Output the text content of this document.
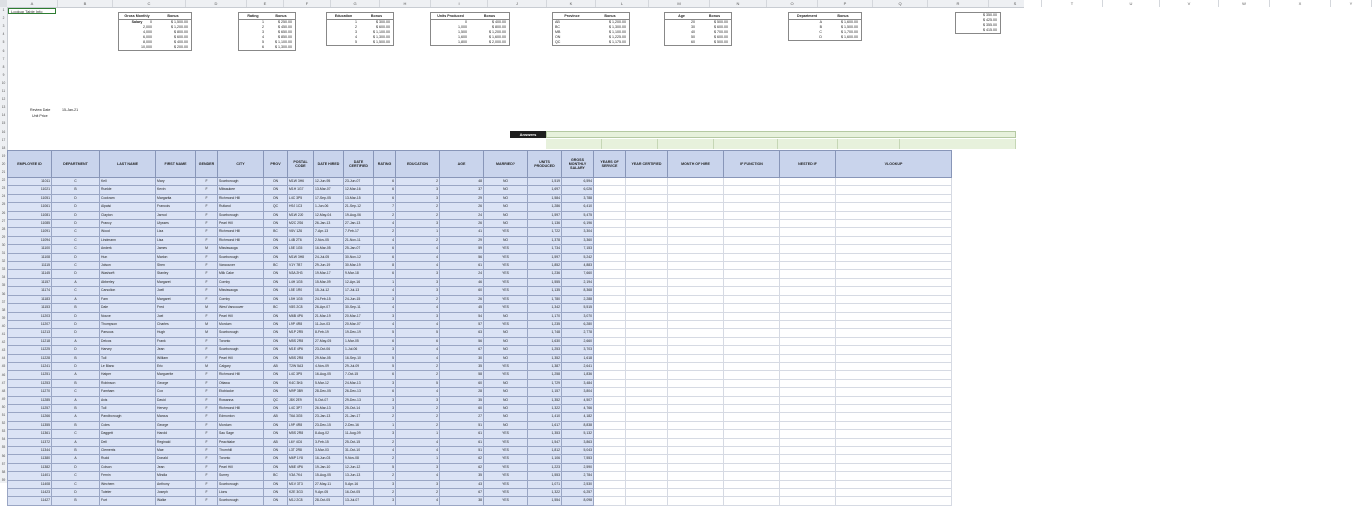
A	B	C	D	E	F	G	H	I	J	K	L	M	N	O	P	Q	R	S	T	U	V	W	X	Y
1
2
3
4
5
6
7
8
9
10
11
12
13
14
15
16
17
18
19
20
21
22
23
24
25
26
27
28
29
30
31
32
33
34
35
36
37
38
39
40
41
42
43
44
45
46
47
48
49
50
51
52
53
54
55
56
57
58
59
Lookup Table Info
Gross Monthly Salary
Bonus
0	$ 1,500.00
2,000	$ 1,200.00
4,000	$ 800.00
6,000	$ 600.00
8,000	$ 400.00
10,000	$ 200.00
Rating	Bonus
1	$ 250.00
2	$ 450.00
3	$ 650.00
4	$ 850.00
5	$ 1,100.00
6	$ 1,300.00
Education	Bonus
1	$ 300.00
2	$ 600.00
3	$ 1,100.00
4	$ 1,300.00
5	$ 1,500.00
Units Produced	Bonus
0	$ 400.00
1,000	$ 800.00
1,500	$ 1,200.00
1,600	$ 1,600.00
1,800	$ 2,000.00
Province	Bonus
AB	$ 1,200.00
BC	$ 1,300.00
MB	$ 1,100.00
ON	$ 1,225.00
QC	$ 1,175.00
Age	Bonus
20	$ 500.00
30	$ 600.00
40	$ 700.00
50	$ 600.00
60	$ 500.00
Department	Bonus
A	$ 1,600.00
B	$ 1,500.00
C	$ 1,700.00
D	$ 1,600.00
$ 350.00
$ 425.00
$ 355.00
$ 415.00
Review Date	15-Jan-21
Unit Price
Answers
EMPLOYEE ID	DEPARTMENT	LAST NAME	FIRST NAME	GENDER	CITY	PROV	POSTAL CODE	DATE HIRED	DATE CERTIFIED	RATING	EDUCATION	AGE	MARRIED?	UNITS PRODUCED	GROSS MONTHLY SALARY	YEARS OF SERVICE	YEAR CERTIFIED	MONTH OF HIRE	IF FUNCTION	NESTED IF	VLOOKUP
11011	C	Kell	Mary	F	Scarborough	ON	M1W 3H6	12-Jun-95	23-Jun-07	6	2	48	NO	1,519	6,594						
11021	B	Runkle	Kevin	F	Milwaukee	ON	M1H 1G7	13-Mar-07	12-Mar-16	6	3	37	NO	1,697	6,026						
11051	D	Cockram	Margarita	F	Richmond Hill	ON	L4C 3P5	17-Sep-05	13-Mar-15	6	3	29	NO	1,584	3,788						
11061	D	Alpaisi	Francois	F	Rutland	QC	H9J 1C3	1-Jun-06	21-Sep-12	7	2	26	NO	1,286	6,410						
11081	D	Clayton	Jarrod	F	Scarborough	ON	M1W 2J0	12-May-04	19-Aug-06	2	2	24	NO	1,597	5,475						
11085	D	Prancy	Ulysses	F	Pearl Hill	ON	M2C 2S6	26-Jan-13	27-Jan-13	4	3	26	NO	1,136	6,196						
11091	C	Wood	Liza	F	Richmond Hill	BC	V6V 1Z6	7-Apr-13	7-Feb-17	2	1	41	YES	1,722	3,304						
11094	C	Lindmann	Lisa	F	Richmond Hill	ON	L4B 2T6	2-Nov-05	21-Nov-11	4	2	29	NO	1,378	3,360						
11100	C	Anderk	James	M	Mississauga	ON	L5E 1G5	16-Mar-05	25-Jan-07	6	4	59	YES	1,734	7,153						
11108	D	Hun	Marlon	F	Scarborough	ON	M1W 3H8	24-Jul-05	30-Nov-12	6	4	56	YES	1,597	5,242						
11115	C	Jolson	Shen	F	Vancouver	BC	V1Y 7B7	29-Jun-19	30-Mar-19	8	4	61	YES	1,852	4,883						
11145	D	Washorft	Stanley	F	Milk Cake	ON	N3A 2H3	19-Mar-17	9-Mar-18	6	3	24	YES	1,236	7,660						
11157	A	Abberley	Margaret	F	Cornby	ON	L4H 1G5	15-Mar-09	12-Apr-16	1	3	46	YES	1,555	2,194						
11174	C	Carsolion	Joell	F	Mississauga	ON	L5E 1R0	15-Jul-12	17-Jul-13	4	3	60	YES	1,135	8,368						
11183	A	Fam	Margaret	F	Cornby	ON	L5H 1G5	24-Feb-15	24-Jun-15	3	2	26	YES	1,780	2,288						
11153	B	Dale	Fred	M	West Vancouver	BC	V8S 2C8	26-Apr-07	30-Sep-11	4	4	45	YES	1,342	5,515						
11203	D	Nouve	Joel	F	Pearl Hill	ON	M6B 4P6	21-Mar-19	20-Mar-17	3	3	54	NO	1,170	3,070						
11207	D	Thompson	Charles	M	Mordum	ON	L9P 4R8	11-Jun-03	20-Mar-07	4	4	57	YES	1,235	6,280						
11213	D	Parsous	Hugh	M	Scarborough	ON	M1P 2R5	8-Feb-19	19-Dec-19	5	5	63	NO	1,748	2,778						
11218	A	Delcos	Frank	F	Toronto	ON	M5S 2R8	27-May-05	1-Mar-05	6	6	56	NO	1,630	2,660						
11225	D	Harvey	Jean	F	Scarborough	ON	M1E 4P6	23-Oct-06	1-Jul-06	3	4	67	NO	1,253	3,703						
11228	B	Tull	William	F	Pearl Hill	ON	M5S 2R8	29-Mar-05	16-Sep-10	5	4	30	NO	1,352	1,618						
11241	D	Le Blanc	Eric	M	Calgary	AB	T2W 5A3	4-Nov-09	29-Jul-09	5	2	35	YES	1,387	2,641						
11251	A	Hatper	Marguerite	F	Richmond Hill	ON	L4C 3P5	16-Aug-05	7-Oct-15	6	2	58	YES	1,258	1,836						
11253	B	Robinson	George	F	Ottawa	ON	K4C 3K6	5-Mar-12	24-Mar-13	3	5	60	NO	1,729	3,484						
11270	C	Famham	Cox	F	Etobicoke	ON	M9P 3B9	28-Dec-05	26-Dec-13	6	4	28	NO	1,157	3,804						
11285	A	Avis	David	F	Rowanna	QC	J8X 2E9	5-Oct-07	29-Dec-13	3	3	35	NO	1,352	4,507						
11257	B	Tull	Hervey	F	Richmond Hill	ON	L4C 3P7	26-Mar-13	25-Oct-14	3	2	60	NO	1,322	4,766						
11266	A	Pandborough	Marcus	F	Edmonton	AB	T6A 3G5	23-Jan-13	21-Jan-17	2	2	27	NO	1,410	4,182						
11355	B	Coles	George	F	Mordum	ON	L9P 4R8	23-Dec-15	2-Dec-16	1	2	51	NO	1,617	8,838						
11361	C	Daggett	Harold	F	Sau Sage	ON	M5S 2R8	8-Aug-02	11-Aug-09	3	1	61	YES	1,353	5,132						
11372	A	Dell	Reginald	F	Peachlake	AB	L6Y 4C6	3-Feb-15	25-Oct-15	2	4	61	YES	1,547	3,863						
11344	B	Clements	Mae	F	Thornhill	ON	L3T 2R8	3-Mar-03	31-Oct-10	4	4	51	YES	1,812	5,043						
11380	A	Rudd	Donald	F	Toronto	ON	M6P 1Y8	16-Jun-03	9-Nov-08	2	1	62	YES	1,106	7,553						
11382	D	Colson	Jean	F	Pearl Hill	ON	M6E 4P6	19-Jan-10	12-Jun-12	5	3	62	YES	1,223	2,590						
11401	C	Fernin	Mindla	F	Surrey	BC	V3A 7K4	15-Aug-05	13-Jun-13	2	4	35	YES	1,553	2,784						
11408	C	Wechem	Anthony	F	Scarborough	ON	M1V 3T3	27-May-11	5-Apr-16	3	3	43	YES	1,071	2,530						
11423	D	Tuteler	Joseph	F	Lions	ON	K2E 3G3	9-Apr-05	16-Oct-05	2	2	67	YES	1,322	6,257						
11427	B	Furt	Walke	F	Scarborough	ON	M1J 2C8	28-Oct-05	13-Jul-07	3	4	38	YES	1,554	8,098						
